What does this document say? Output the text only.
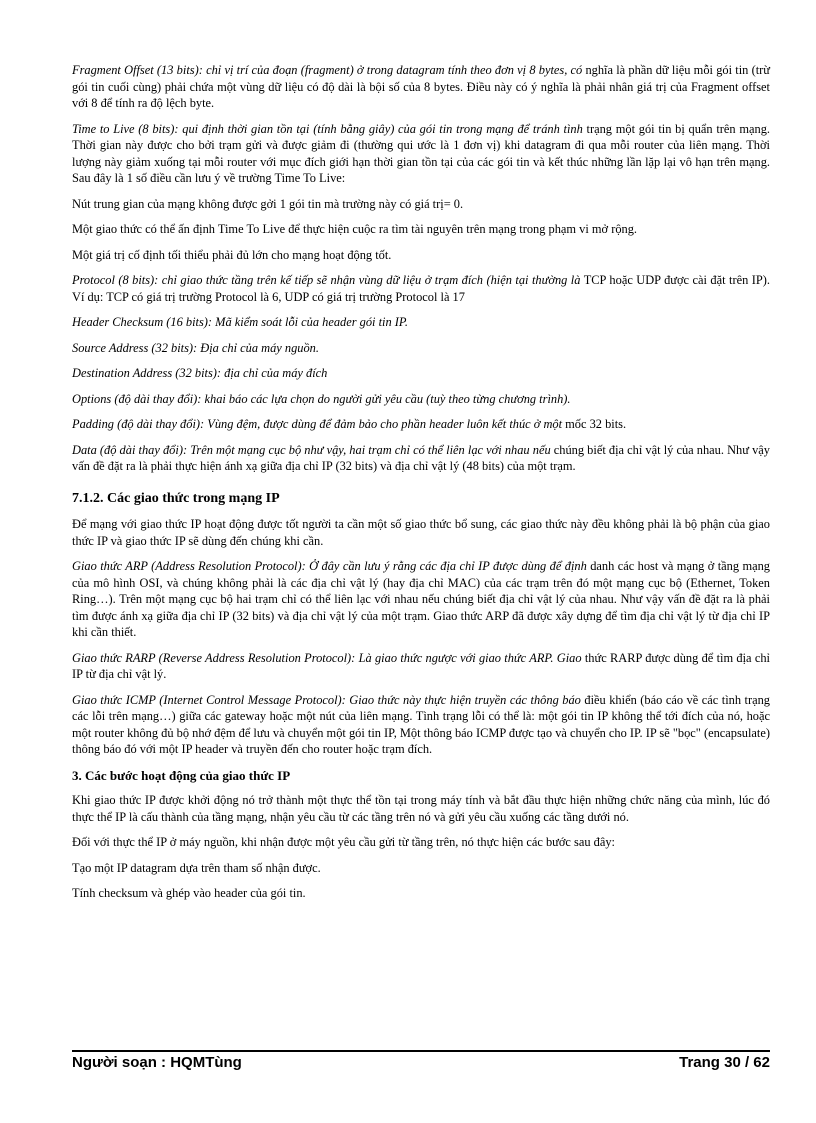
Fragment Offset (13 bits): chỉ vị trí của đoạn (fragment) ở trong datagram tính theo đơn vị 8 bytes, có nghĩa là phần dữ liệu mỗi gói tin (trừ gói tin cuối cùng) phải chứa một vùng dữ liệu có độ dài là bội số của 8 bytes. Điều này có ý nghĩa là phải nhân giá trị của Fragment offset với 8 để tính ra độ lệch byte.

Time to Live (8 bits): qui định thời gian tồn tại (tính bằng giây) của gói tin trong mạng để tránh tình trạng một gói tin bị quẩn trên mạng. Thời gian này được cho bởi trạm gửi và được giảm đi (thường qui ước là 1 đơn vị) khi datagram đi qua mỗi router của liên mạng. Thời lượng này giảm xuống tại mỗi router với mục đích giới hạn thời gian tồn tại của các gói tin và kết thúc những lần lặp lại vô hạn trên mạng. Sau đây là 1 số điều cần lưu ý về trường Time To Live:

Nút trung gian của mạng không được gởi 1 gói tin mà trường này có giá trị= 0.

Một giao thức có thể ấn định Time To Live để thực hiện cuộc ra tìm tài nguyên trên mạng trong phạm vi mở rộng.

Một giá trị cố định tối thiểu phải đủ lớn cho mạng hoạt động tốt.

Protocol (8 bits): chỉ giao thức tầng trên kế tiếp sẽ nhận vùng dữ liệu ở trạm đích (hiện tại thường là TCP hoặc UDP được cài đặt trên IP). Ví dụ: TCP có giá trị trường Protocol là 6, UDP có giá trị trường Protocol là 17

Header Checksum (16 bits): Mã kiểm soát lỗi của header gói tin IP.

Source Address (32 bits): Địa chỉ của máy nguồn.

Destination Address (32 bits): địa chỉ của máy đích

Options (độ dài thay đổi): khai báo các lựa chọn do người gửi yêu cầu (tuỳ theo từng chương trình).

Padding (độ dài thay đổi): Vùng đệm, được dùng để đảm bảo cho phần header luôn kết thúc ở một mốc 32 bits.

Data (độ dài thay đổi): Trên một mạng cục bộ như vậy, hai trạm chỉ có thể liên lạc với nhau nếu chúng biết địa chỉ vật lý của nhau. Như vậy vấn đề đặt ra là phải thực hiện ánh xạ giữa địa chỉ IP (32 bits) và địa chỉ vật lý (48 bits) của một trạm.

7.1.2. Các giao thức trong mạng IP

Để mạng với giao thức IP hoạt động được tốt người ta cần một số giao thức bổ sung, các giao thức này đều không phải là bộ phận của giao thức IP và giao thức IP sẽ dùng đến chúng khi cần.

Giao thức ARP (Address Resolution Protocol): Ở đây cần lưu ý rằng các địa chỉ IP được dùng để định danh các host và mạng ở tầng mạng của mô hình OSI, và chúng không phải là các địa chỉ vật lý (hay địa chỉ MAC) của các trạm trên đó một mạng cục bộ (Ethernet, Token Ring…). Trên một mạng cục bộ hai trạm chỉ có thể liên lạc với nhau nếu chúng biết địa chỉ vật lý của nhau. Như vậy vấn đề đặt ra là phải tìm được ánh xạ giữa địa chỉ IP (32 bits) và địa chỉ vật lý của một trạm. Giao thức ARP đã được xây dựng để tìm địa chỉ vật lý từ địa chỉ IP khi cần thiết.

Giao thức RARP (Reverse Address Resolution Protocol): Là giao thức ngược với giao thức ARP. Giao thức RARP được dùng để tìm địa chỉ IP từ địa chỉ vật lý.

Giao thức ICMP (Internet Control Message Protocol): Giao thức này thực hiện truyền các thông báo điều khiển (báo cáo về các tình trạng các lỗi trên mạng…) giữa các gateway hoặc một nút của liên mạng. Tình trạng lỗi có thể là: một gói tin IP không thể tới đích của nó, hoặc một router không đủ bộ nhớ đệm để lưu và chuyển một gói tin IP, Một thông báo ICMP được tạo và chuyển cho IP. IP sẽ "bọc" (encapsulate) thông báo đó với một IP header và truyền đến cho router hoặc trạm đích.

3. Các bước hoạt động của giao thức IP

Khi giao thức IP được khởi động nó trở thành một thực thể tồn tại trong máy tính và bắt đầu thực hiện những chức năng của mình, lúc đó thực thể IP là cấu thành của tầng mạng, nhận yêu cầu từ các tầng trên nó và gửi yêu cầu xuống các tầng dưới nó.

Đối với thực thể IP ở máy nguồn, khi nhận được một yêu cầu gửi từ tầng trên, nó thực hiện các bước sau đây:

Tạo một IP datagram dựa trên tham số nhận được.

Tính checksum và ghép vào header của gói tin.

Người soạn : HQMTùng	Trang 30 / 62
